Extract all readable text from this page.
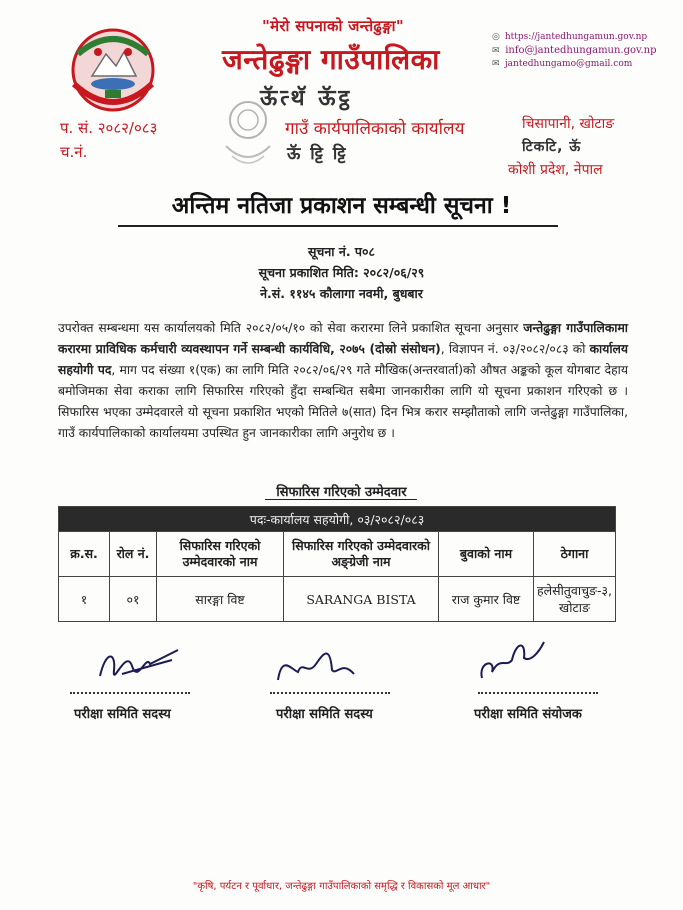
"मेरो सपनाको जन्तेढुङ्गा"
जन्तेढुङ्गा गाउँपालिका
ऊॅत्थॅ ऊॅट्ठ
गाउँ कार्यपालिकाको कार्यालय
ऊॅ ट्टि ट्टि
◎ https://jantedhungamun.gov.np
✉ info@jantedhungamun.gov.np
✉ jantedhungamo@gmail.com
प. सं. २०८२/०८३
च.नं.
चिसापानी, खोटाङ
टिकटि, ऊॅ
कोशी प्रदेश, नेपाल
अन्तिम नतिजा प्रकाशन सम्बन्धी सूचना !
सूचना नं. प०८
सूचना प्रकाशित मिति: २०८२/०६/२९
ने.सं. ११४५ कौलागा नवमी, बुधबार
उपरोक्त सम्बन्धमा यस कार्यालयको मिति २०८२/०५/१० को सेवा करारमा लिने प्रकाशित सूचना अनुसार जन्तेढुङ्गा गाउँपालिकामा करारमा प्राविधिक कर्मचारी व्यवस्थापन गर्ने सम्बन्धी कार्यविधि, २०७५ (दोस्रो संसोधन), विज्ञापन नं. ०३/२०८२/०८३ को कार्यालय सहयोगी पद, माग पद संख्या १(एक) का लागि मिति २०८२/०६/२९ गते मौखिक(अन्तरवार्ता)को औषत अङ्कको कूल योगबाट देहाय बमोजिमका सेवा कराका लागि सिफारिस गरिएको हुँदा सम्बन्धित सबैमा जानकारीका लागि यो सूचना प्रकाशन गरिएको छ । सिफारिस भएका उम्मेदवारले यो सूचना प्रकाशित भएको मितिले ७(सात) दिन भित्र करार सम्झौताको लागि जन्तेढुङ्गा गाउँपालिका, गाउँ कार्यपालिकाको कार्यालयमा उपस्थित हुन जानकारीका लागि अनुरोध छ ।
सिफारिस गरिएको उम्मेदवार
पदः-कार्यालय सहयोगी, ०३/२०८२/०८३					
क्र.स.	रोल नं.	सिफारिस गरिएको उम्मेदवारको नाम	सिफारिस गरिएको उम्मेदवारको अङ्ग्रेजी नाम	बुवाको नाम	ठेगाना
१	०१	सारङ्गा विष्ट	SARANGA BISTA	राज कुमार विष्ट	हलेसीतुवाचुङ-३, खोटाङ
परीक्षा समिति सदस्य	परीक्षा समिति सदस्य	परीक्षा समिति संयोजक
"कृषि, पर्यटन र पूर्वाधार, जन्तेढुङ्गा गाउँपालिकाको समृद्धि र विकासको मूल आधार"
